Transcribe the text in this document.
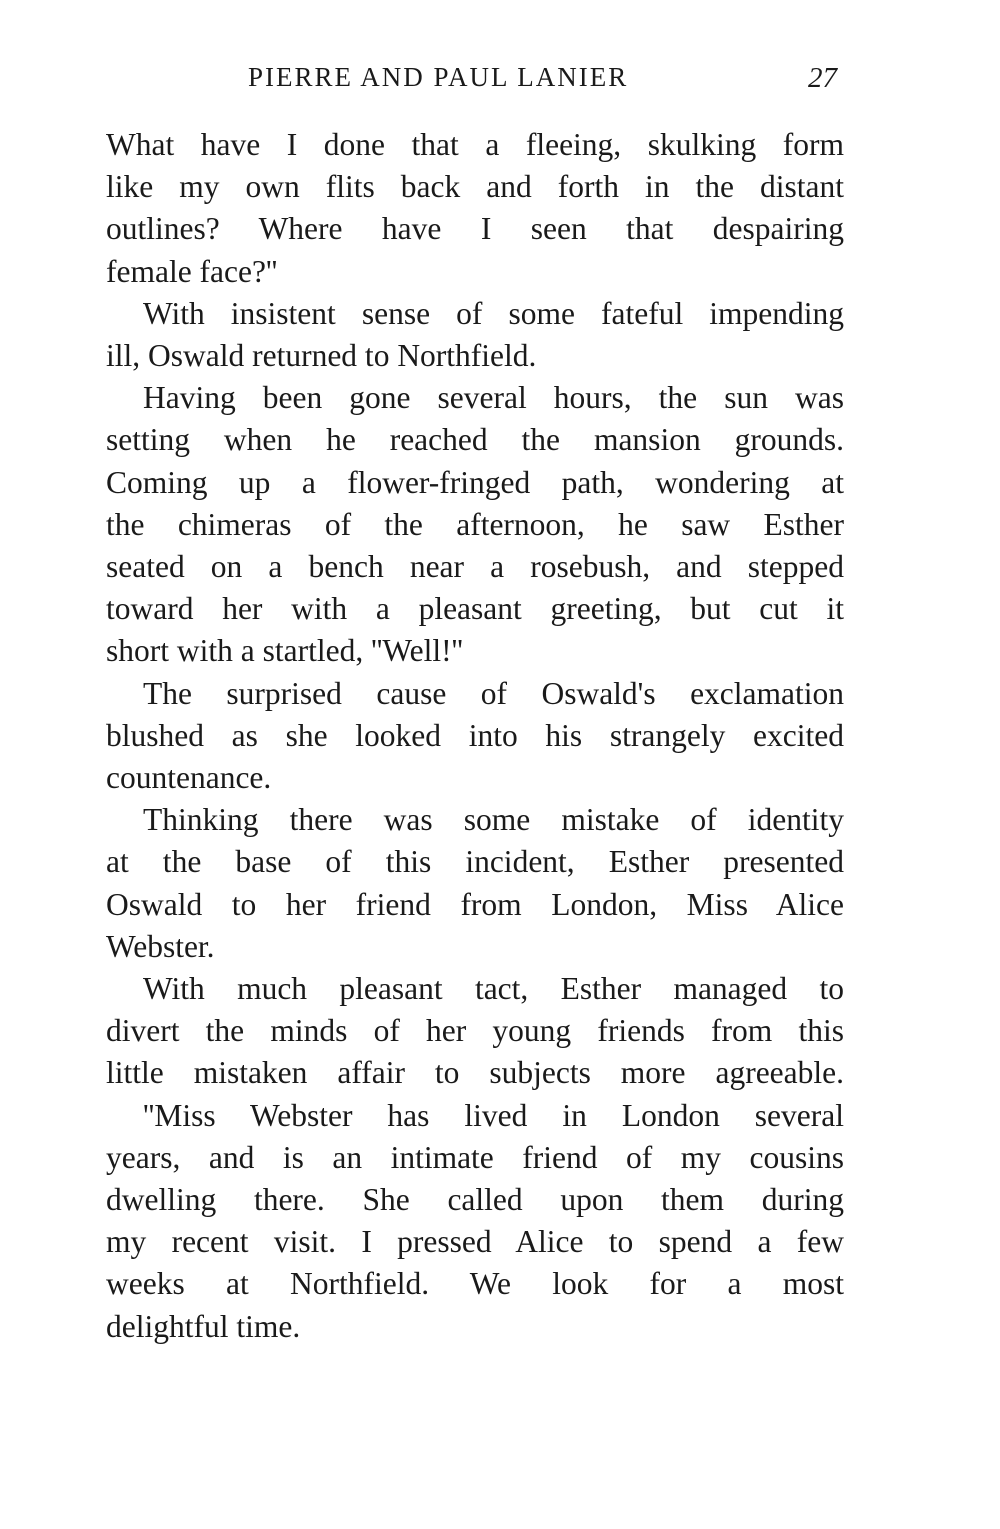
PIERRE AND PAUL LANIER	27

What have I done that a fleeing, skulking form
like my own flits back and forth in the distant
outlines? Where have I seen that despairing
female face?''

With insistent sense of some fateful impending
ill, Oswald returned to Northfield.

Having been gone several hours, the sun was
setting when he reached the mansion grounds.
Coming up a flower-fringed path, wondering at
the chimeras of the afternoon, he saw Esther
seated on a bench near a rosebush, and stepped
toward her with a pleasant greeting, but cut it
short with a startled, ''Well!''

The surprised cause of Oswald's exclamation
blushed as she looked into his strangely excited
countenance.

Thinking there was some mistake of identity
at the base of this incident, Esther presented
Oswald to her friend from London, Miss Alice
Webster.

With much pleasant tact, Esther managed to
divert the minds of her young friends from this
little mistaken affair to subjects more agreeable.

''Miss Webster has lived in London several
years, and is an intimate friend of my cousins
dwelling there. She called upon them during
my recent visit. I pressed Alice to spend a few
weeks at Northfield. We look for a most
delightful time.
